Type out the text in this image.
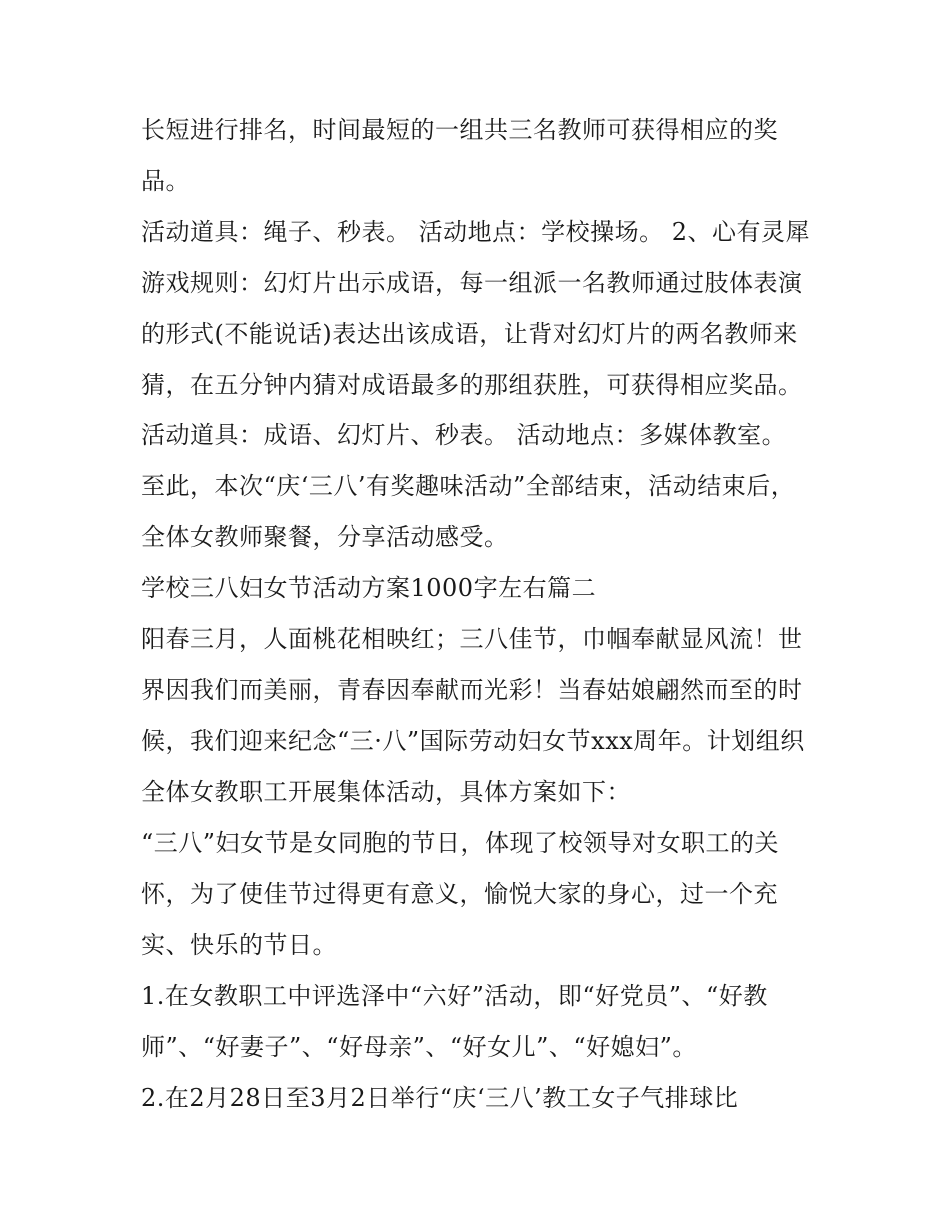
长短进行排名，时间最短的一组共三名教师可获得相应的奖

品。

活动道具：绳子、秒表。 活动地点：学校操场。 2、心有灵犀

游戏规则：幻灯片出示成语，每一组派一名教师通过肢体表演

的形式(不能说话)表达出该成语，让背对幻灯片的两名教师来

猜，在五分钟内猜对成语最多的那组获胜，可获得相应奖品。

活动道具：成语、幻灯片、秒表。 活动地点：多媒体教室。

至此，本次“庆‘三八’有奖趣味活动”全部结束，活动结束后，

全体女教师聚餐，分享活动感受。

学校三八妇女节活动方案1000字左右篇二

阳春三月，人面桃花相映红；三八佳节，巾帼奉献显风流！世

界因我们而美丽，青春因奉献而光彩！当春姑娘翩然而至的时

候，我们迎来纪念“三·八”国际劳动妇女节xxx周年。计划组织

全体女教职工开展集体活动，具体方案如下：

“三八”妇女节是女同胞的节日，体现了校领导对女职工的关

怀，为了使佳节过得更有意义，愉悦大家的身心，过一个充

实、快乐的节日。

1.在女教职工中评选泽中“六好”活动，即“好党员”、“好教

师”、“好妻子”、“好母亲”、“好女儿”、“好媳妇”。

2.在2月28日至3月2日举行“庆‘三八’教工女子气排球比
